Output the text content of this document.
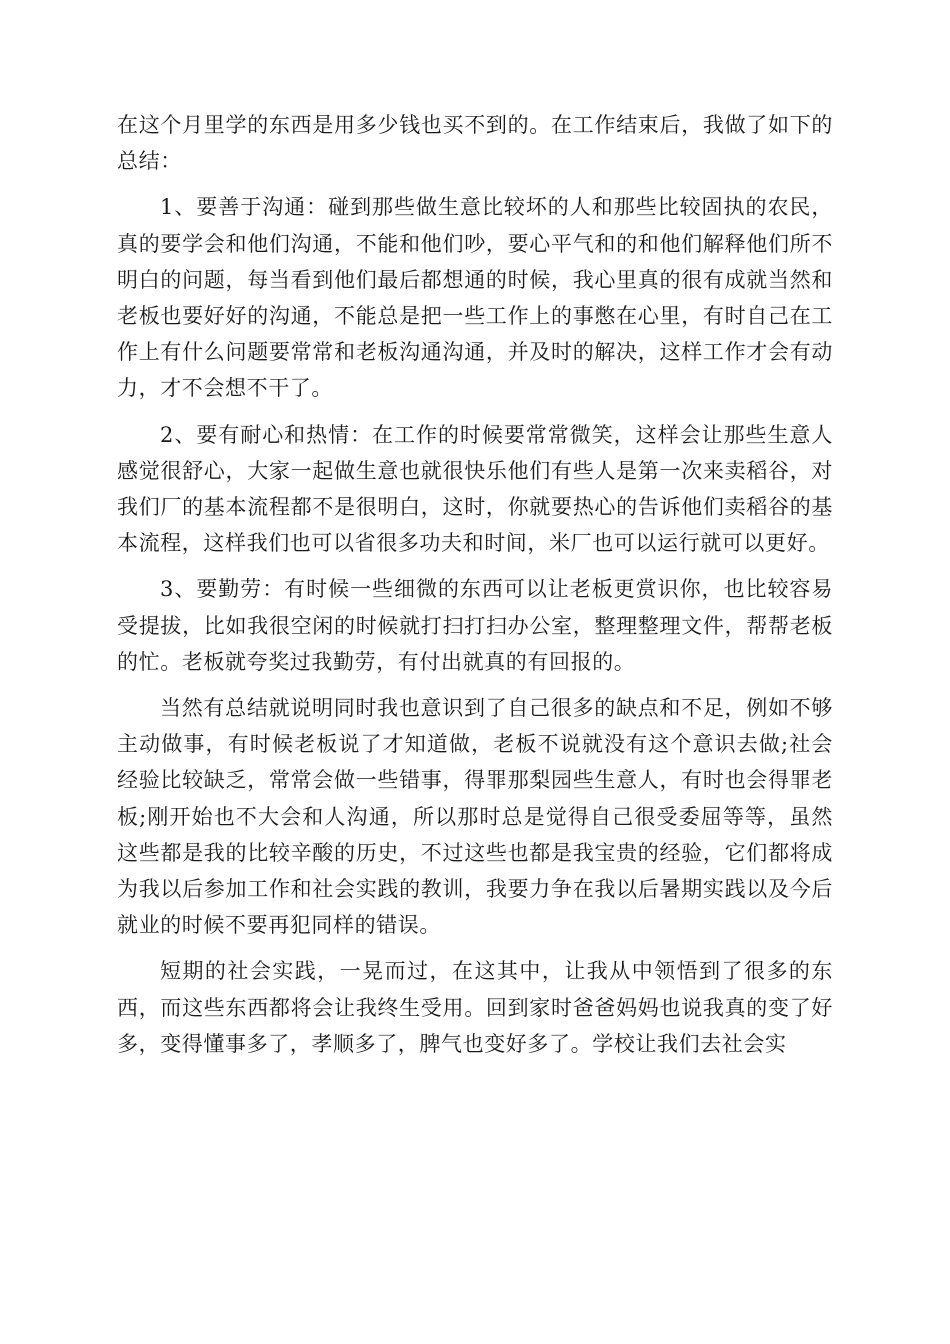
在这个月里学的东西是用多少钱也买不到的。在工作结束后，我做了如下的总结：

1、要善于沟通：碰到那些做生意比较坏的人和那些比较固执的农民，真的要学会和他们沟通，不能和他们吵，要心平气和的和他们解释他们所不明白的问题，每当看到他们最后都想通的时候，我心里真的很有成就当然和老板也要好好的沟通，不能总是把一些工作上的事憋在心里，有时自己在工作上有什么问题要常常和老板沟通沟通，并及时的解决，这样工作才会有动力，才不会想不干了。

2、要有耐心和热情：在工作的时候要常常微笑，这样会让那些生意人感觉很舒心，大家一起做生意也就很快乐他们有些人是第一次来卖稻谷，对我们厂的基本流程都不是很明白，这时，你就要热心的告诉他们卖稻谷的基本流程，这样我们也可以省很多功夫和时间，米厂也可以运行就可以更好。

3、要勤劳：有时候一些细微的东西可以让老板更赏识你，也比较容易受提拔，比如我很空闲的时候就打扫打扫办公室，整理整理文件，帮帮老板的忙。老板就夸奖过我勤劳，有付出就真的有回报的。

当然有总结就说明同时我也意识到了自己很多的缺点和不足，例如不够主动做事，有时候老板说了才知道做，老板不说就没有这个意识去做;社会经验比较缺乏，常常会做一些错事，得罪那梨园些生意人，有时也会得罪老板;刚开始也不大会和人沟通，所以那时总是觉得自己很受委屈等等，虽然这些都是我的比较辛酸的历史，不过这些也都是我宝贵的经验，它们都将成为我以后参加工作和社会实践的教训，我要力争在我以后暑期实践以及今后就业的时候不要再犯同样的错误。

短期的社会实践，一晃而过，在这其中，让我从中领悟到了很多的东西，而这些东西都将会让我终生受用。回到家时爸爸妈妈也说我真的变了好多，变得懂事多了，孝顺多了，脾气也变好多了。学校让我们去社会实
